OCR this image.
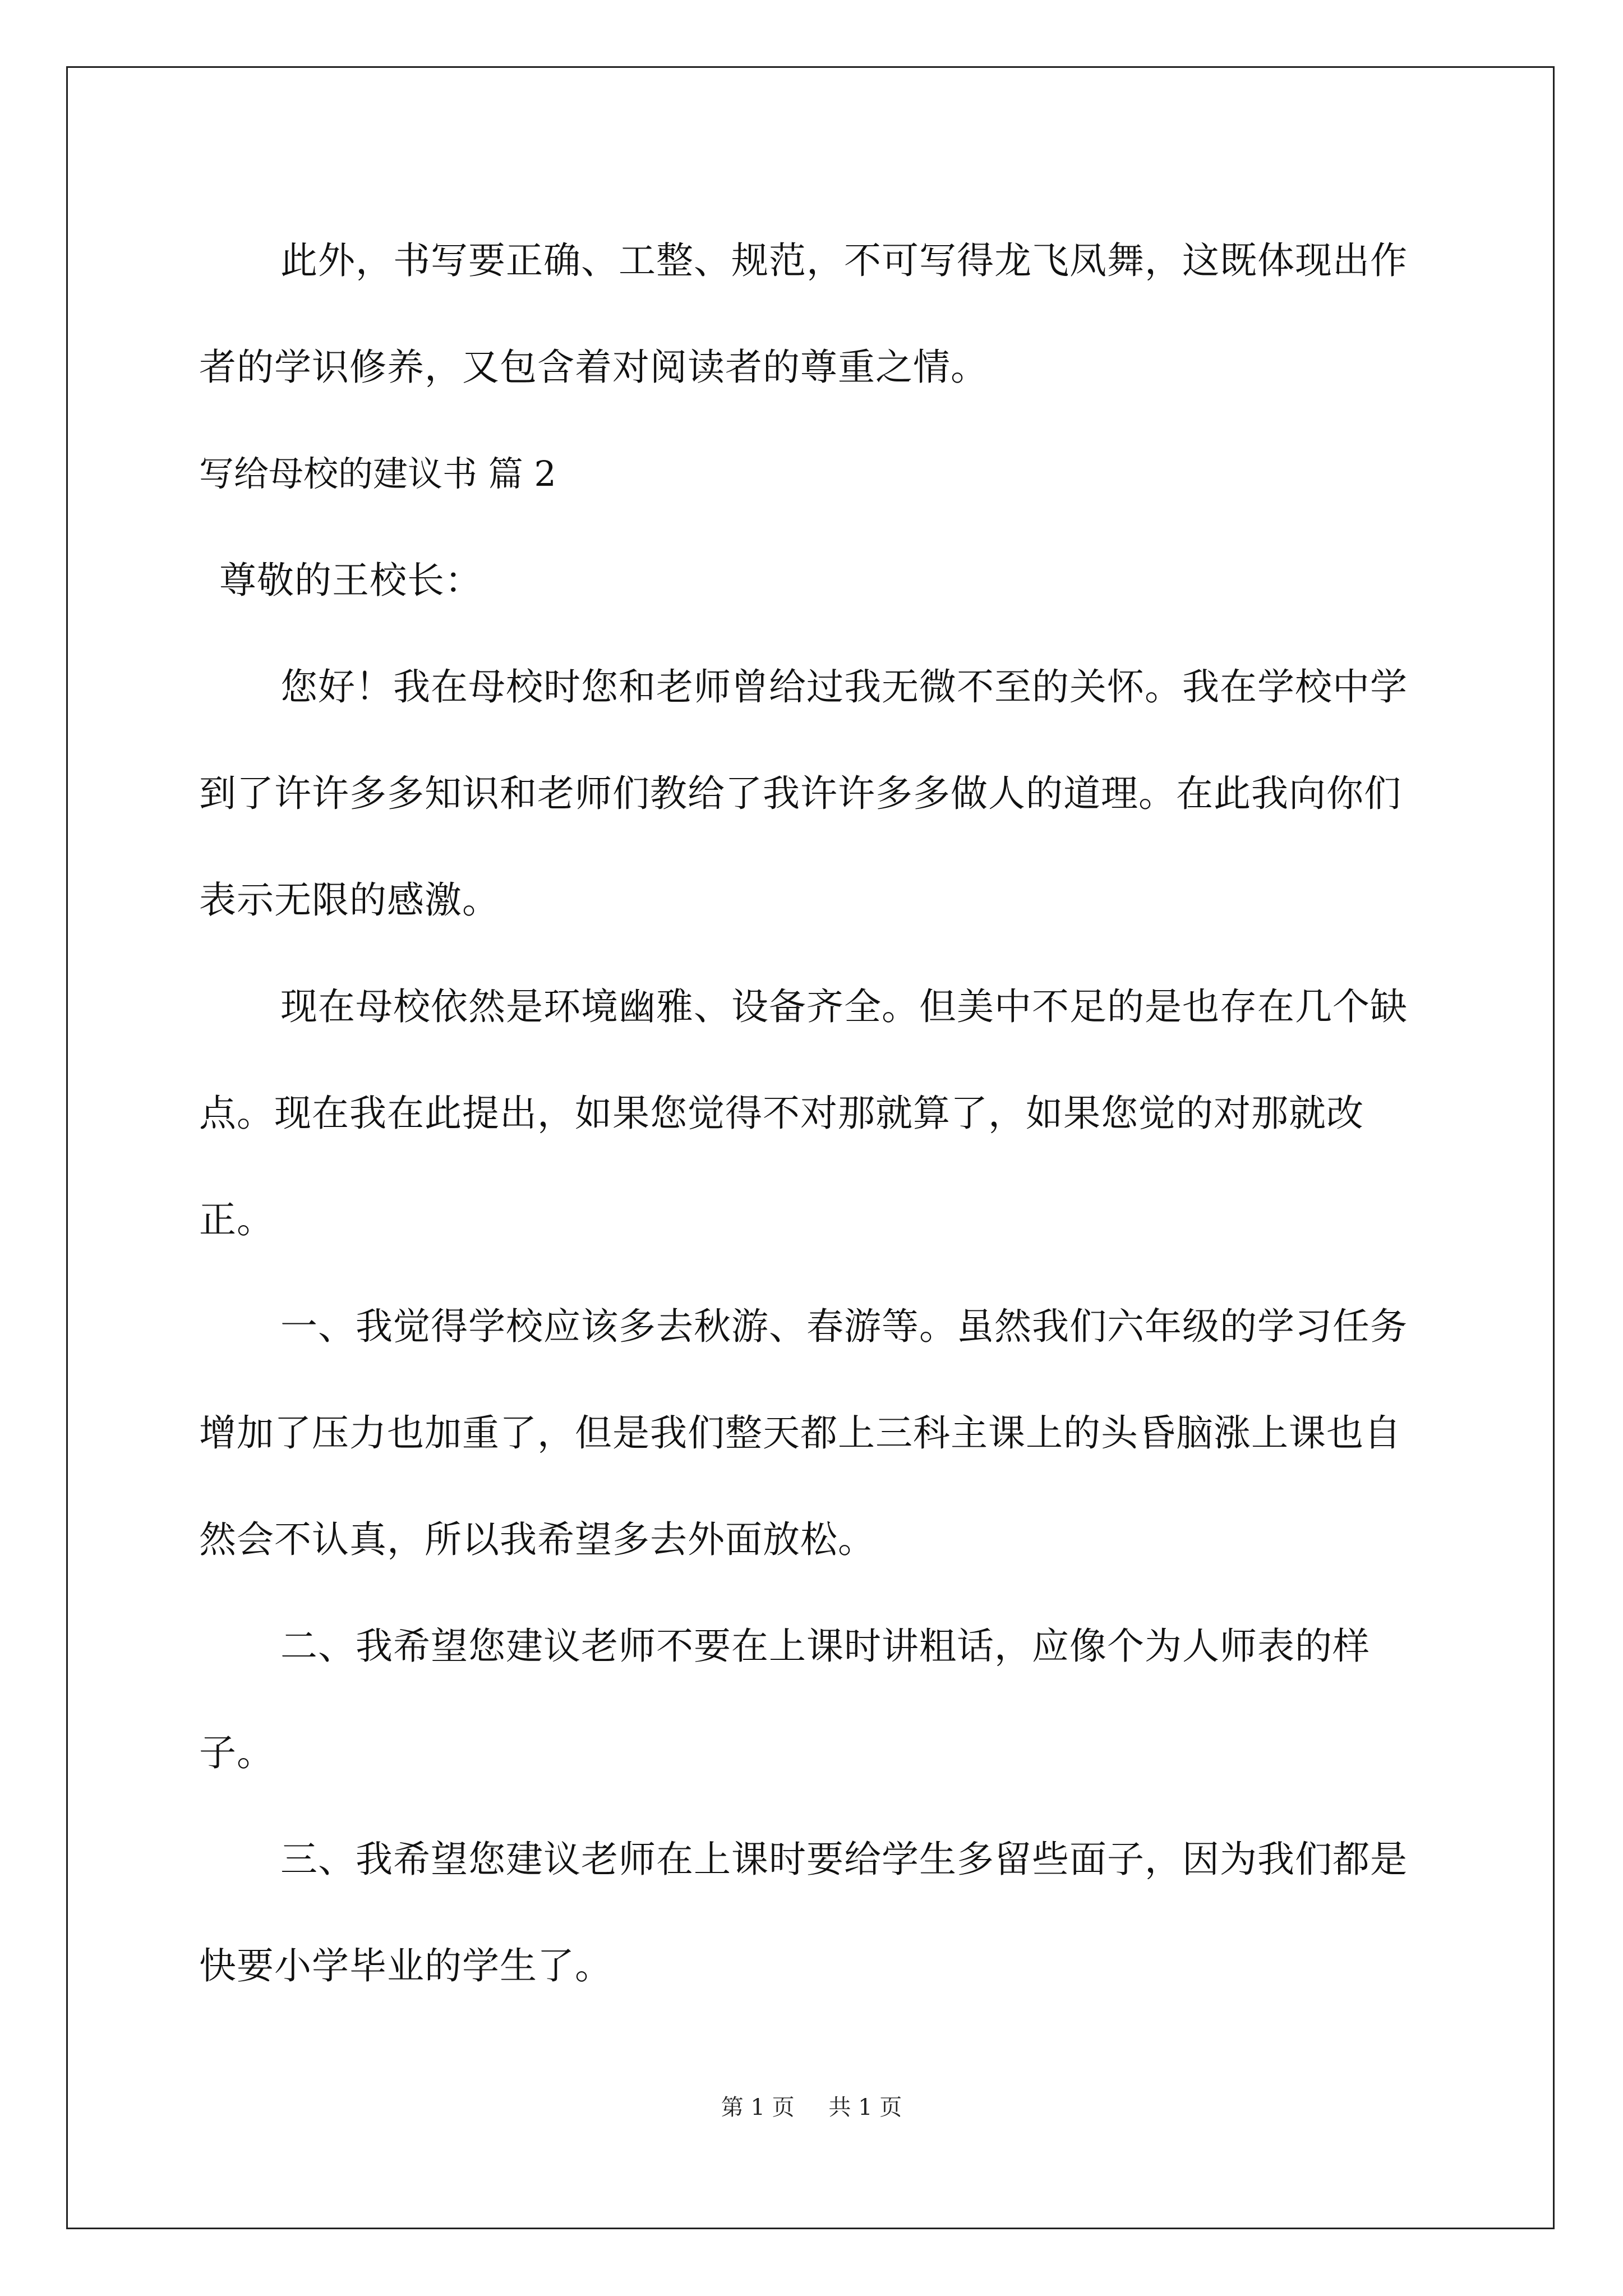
此外，书写要正确、工整、规范，不可写得龙飞凤舞，这既体现出作者的学识修养，又包含着对阅读者的尊重之情。

写给母校的建议书 篇 2

尊敬的王校长：

您好！我在母校时您和老师曾给过我无微不至的关怀。我在学校中学到了许许多多知识和老师们教给了我许许多多做人的道理。在此我向你们表示无限的感激。

现在母校依然是环境幽雅、设备齐全。但美中不足的是也存在几个缺点。现在我在此提出，如果您觉得不对那就算了，如果您觉的对那就改正。

一、我觉得学校应该多去秋游、春游等。虽然我们六年级的学习任务增加了压力也加重了，但是我们整天都上三科主课上的头昏脑涨上课也自然会不认真，所以我希望多去外面放松。

二、我希望您建议老师不要在上课时讲粗话，应像个为人师表的样子。

三、我希望您建议老师在上课时要给学生多留些面子，因为我们都是快要小学毕业的学生了。

第 1 页 共 1 页
